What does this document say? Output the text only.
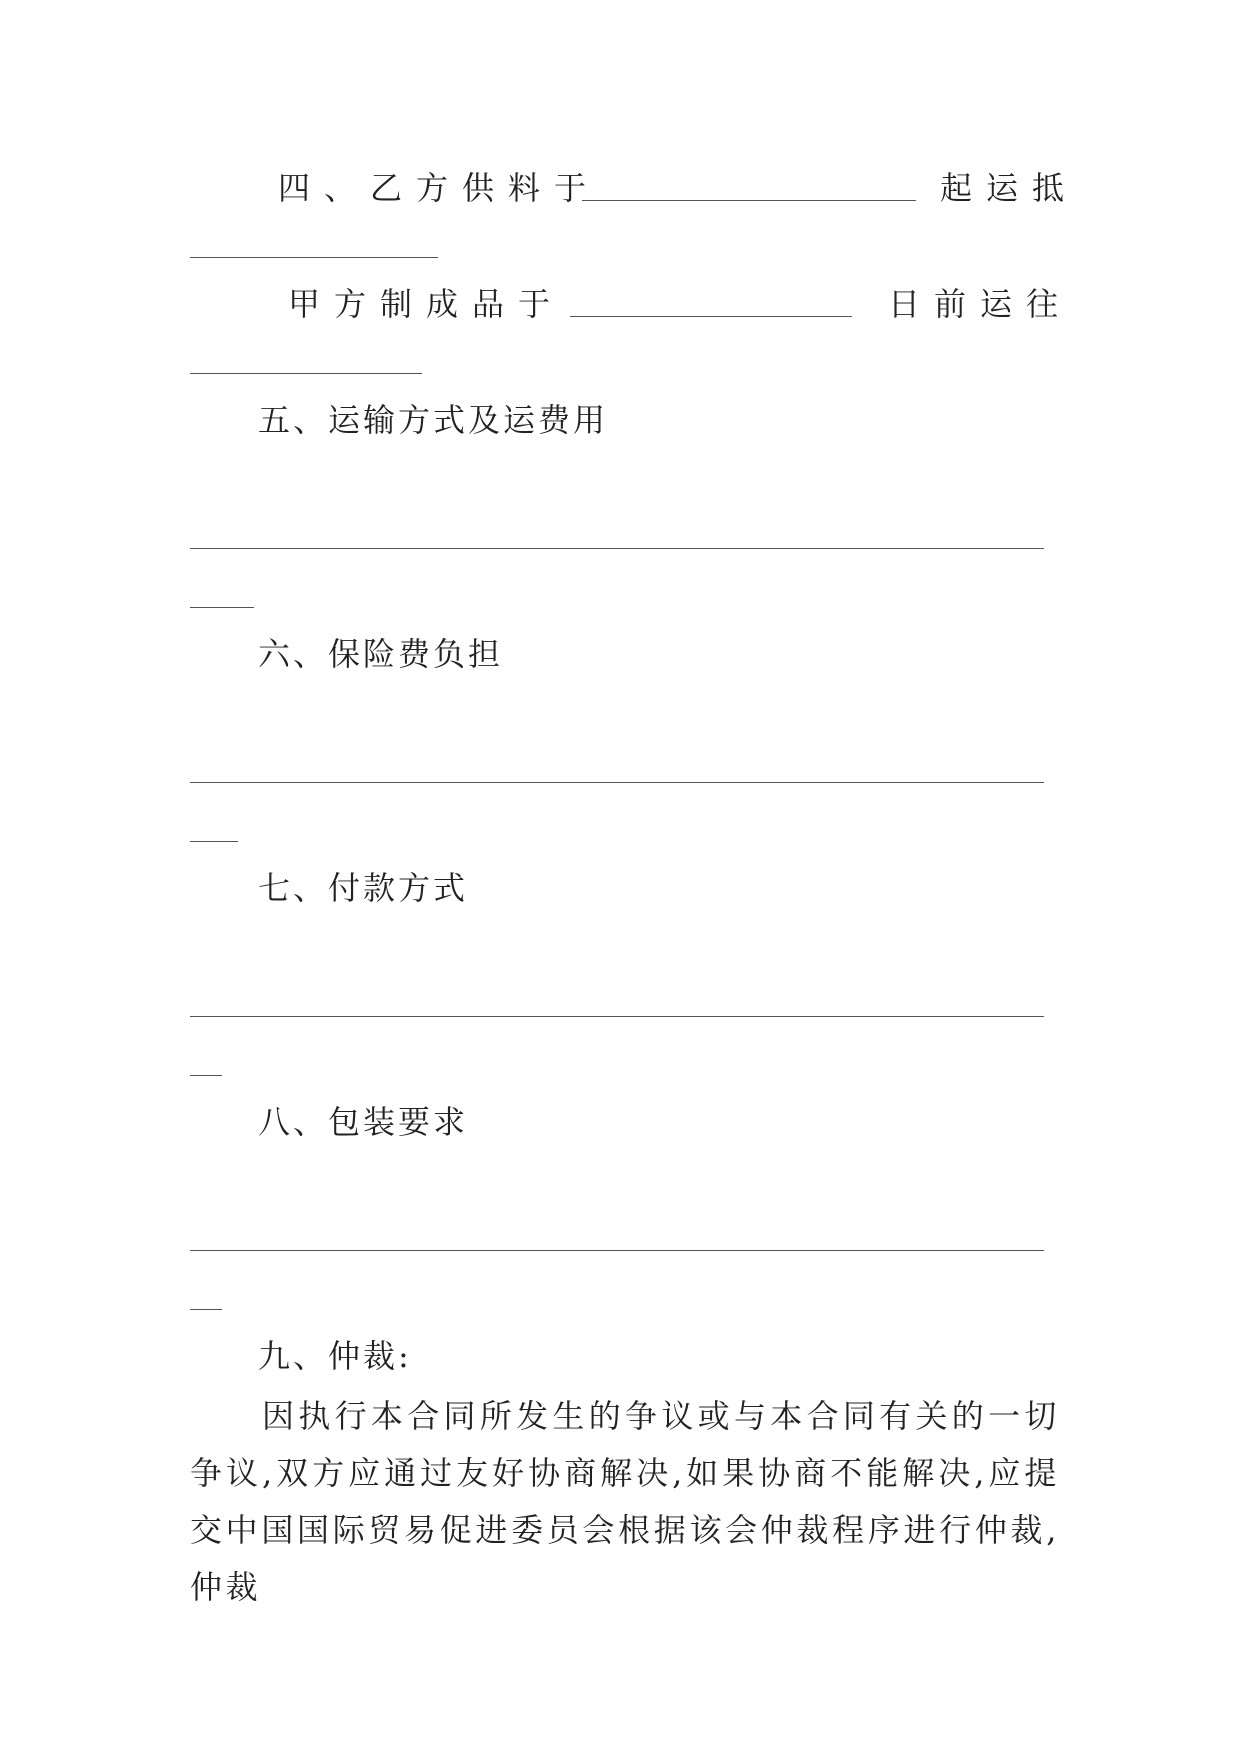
四、乙方供料于	起运抵
甲方制成品于	日前运往
五、运输方式及运费用
六、保险费负担
七、付款方式
八、包装要求
九、仲裁:
因执行本合同所发生的争议或与本合同有关的一切争议,双方应通过友好协商解决,如果协商不能解决,应提交中国国际贸易促进委员会根据该会仲裁程序进行仲裁,仲裁
